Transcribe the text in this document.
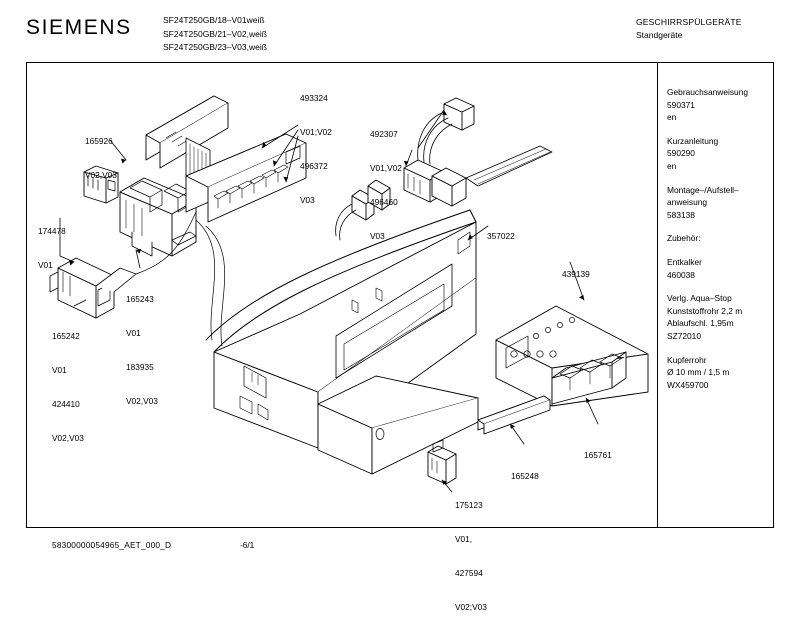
SIEMENS	SF24T250GB/18–V01weiß
SF24T250GB/21–V02,weiß
SF24T250GB/23–V03,weiß
GESCHIRRSPÜLGERÄTE
Standgeräte
Gebrauchsanweisung
590371
en
Kurzanleitung
590290
en
Montage–/Aufstell–
anweisung
583138
Zubehör:
Entkalker
460038
Verlg. Aqua–Stop
Kunststoffrohr 2,2 m
Ablaufschl. 1,95m
SZ72010
Kupferrohr
Ø 10 mm / 1,5 m
WX459700

165926

V02,V03

174478

V01

165242

V01

424410

V02,V03

165243

V01

183935

V02,V03

493324

V01;V02

496372

V03

492307

V01,V02

496460

V03

	357022

439139

165761

165248

175123

V01,

427594

V02;V03

58300000054965_AET_000_D	-6/1
